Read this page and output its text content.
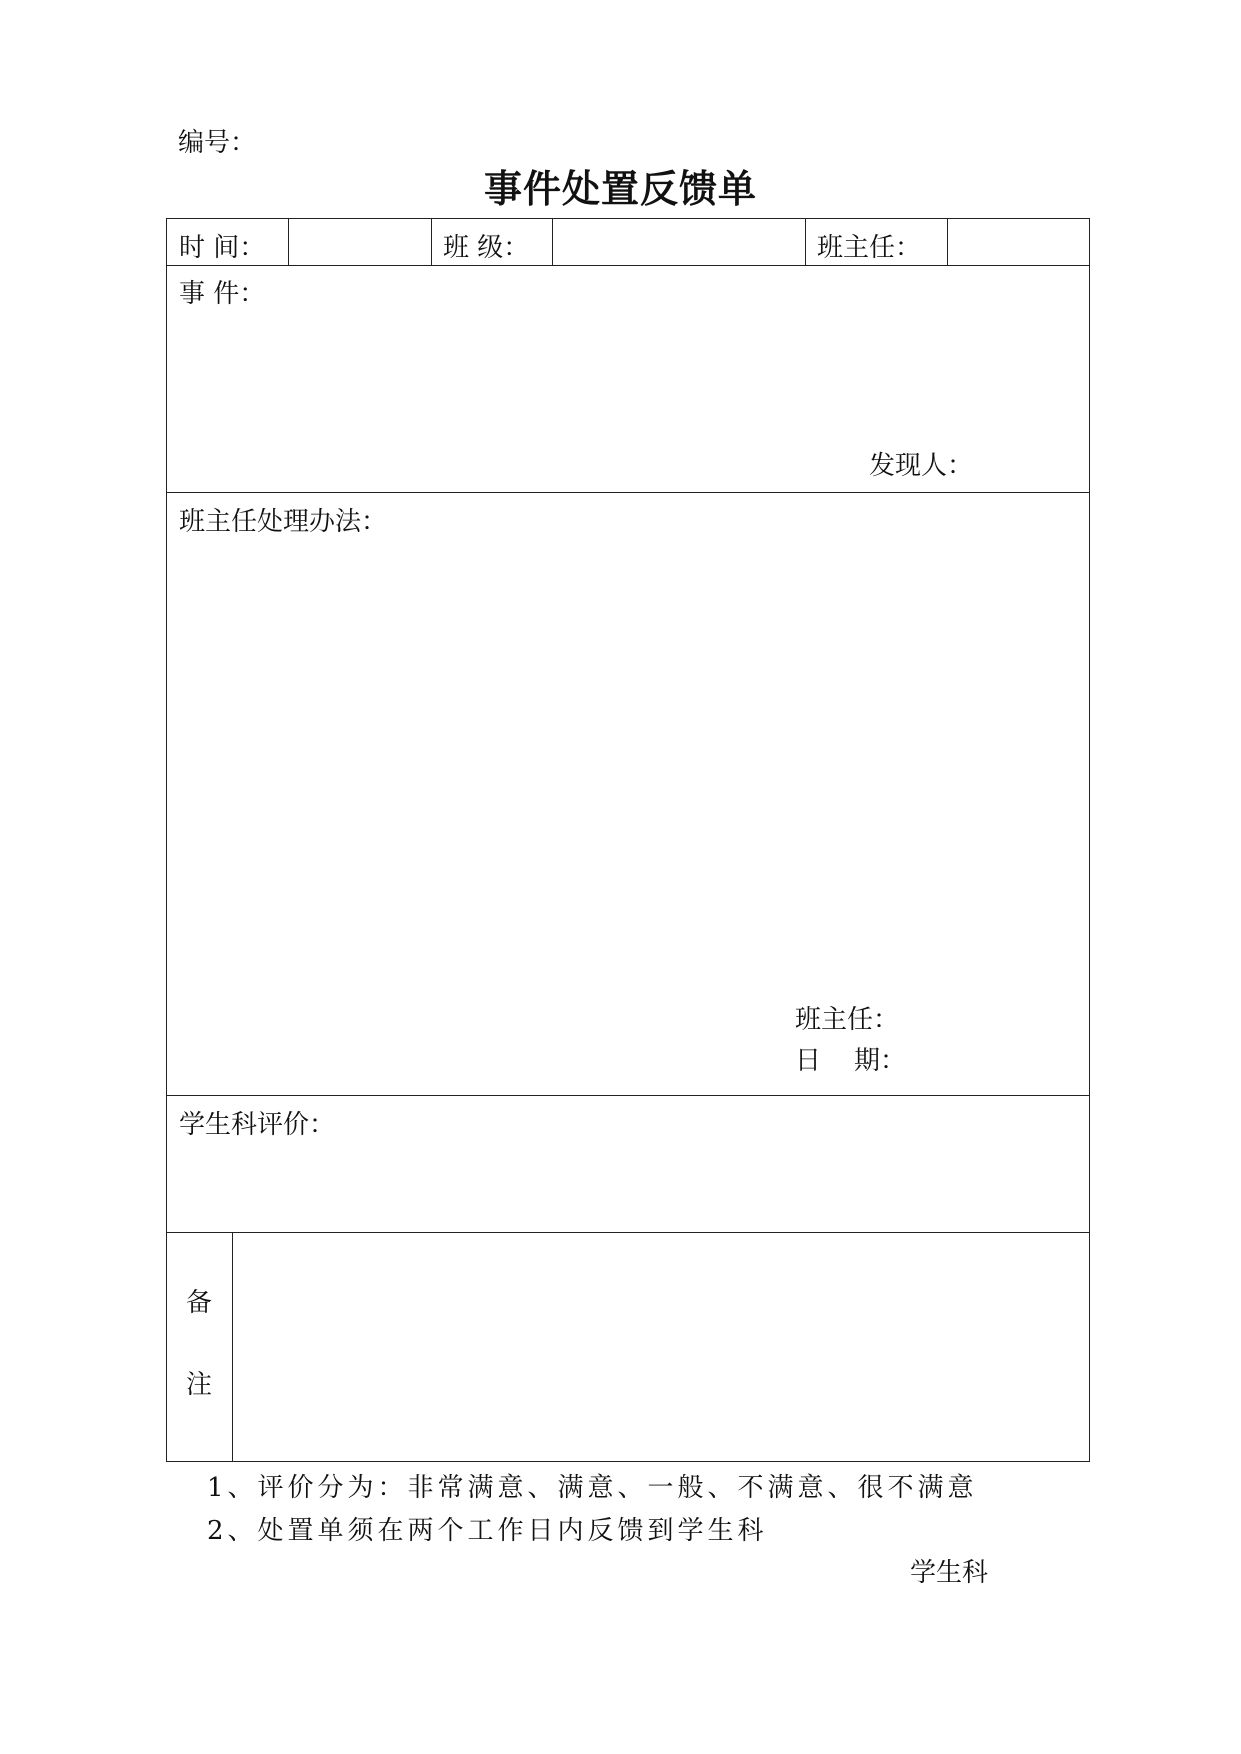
编号：
事件处置反馈单
时 间：	班 级：	班主任：
事 件：
发现人：
班主任处理办法：
班主任：
日    期：
学生科评价：
备
注
1、评价分为：非常满意、满意、一般、不满意、很不满意
2、处置单须在两个工作日内反馈到学生科
学生科
